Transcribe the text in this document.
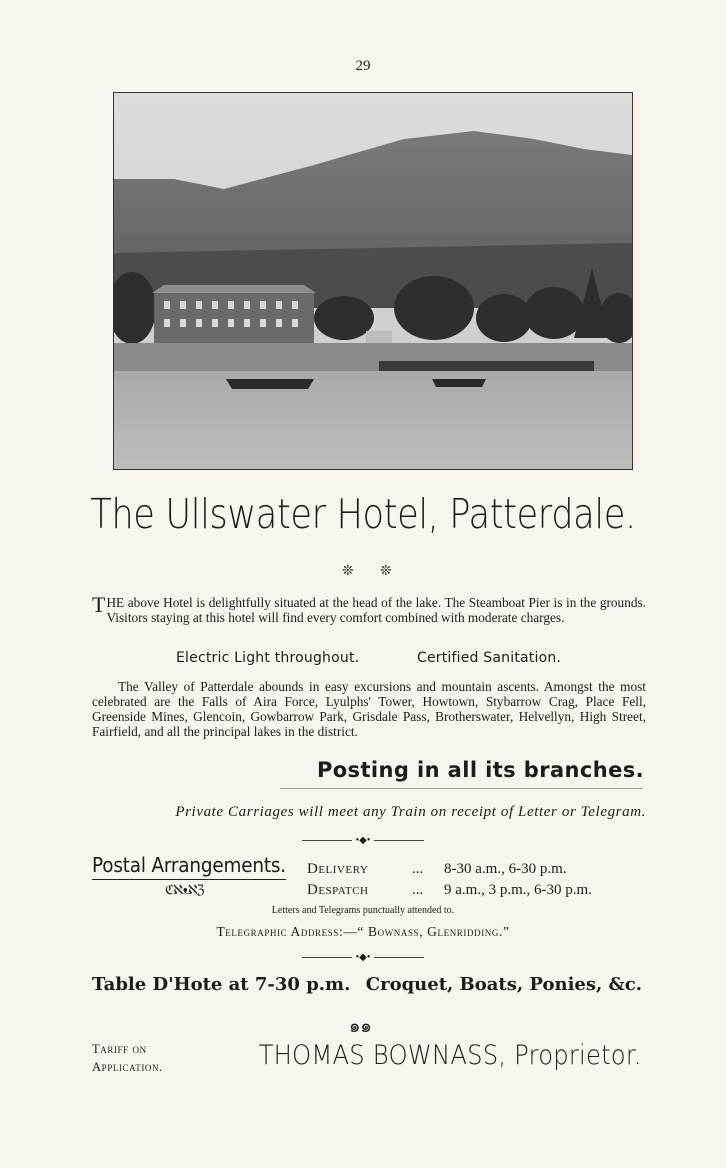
29
The Ullswater Hotel, Patterdale.
❊ ❊
THE above Hotel is delightfully situated at the head of the lake. The Steamboat Pier is in the grounds. Visitors staying at this hotel will find every comfort combined with moderate charges.
Electric Light throughout.	Certified Sanitation.
The Valley of Patterdale abounds in easy excursions and mountain ascents. Amongst the most celebrated are the Falls of Aira Force, Lyulphs' Tower, Howtown, Stybarrow Crag, Place Fell, Greenside Mines, Glencoin, Gowbarrow Park, Grisdale Pass, Brotherswater, Helvellyn, High Street, Fairfield, and all the principal lakes in the district.
Posting in all its branches.
Private Carriages will meet any Train on receipt of Letter or Telegram.
•◆•
Postal Arrangements.
ℭℵᴥℵℨ
Delivery	... 8-30 a.m., 6-30 p.m.
Despatch	... 9 a.m., 3 p.m., 6-30 p.m.
Letters and Telegrams punctually attended to.
Telegraphic Address:—“ Bownass, Glenridding.”
•◆•
Table D'Hote at 7-30 p.m. Croquet, Boats, Ponies, &c.
๑๑
Tariff on
Application.	THOMAS BOWNASS, Proprietor.
